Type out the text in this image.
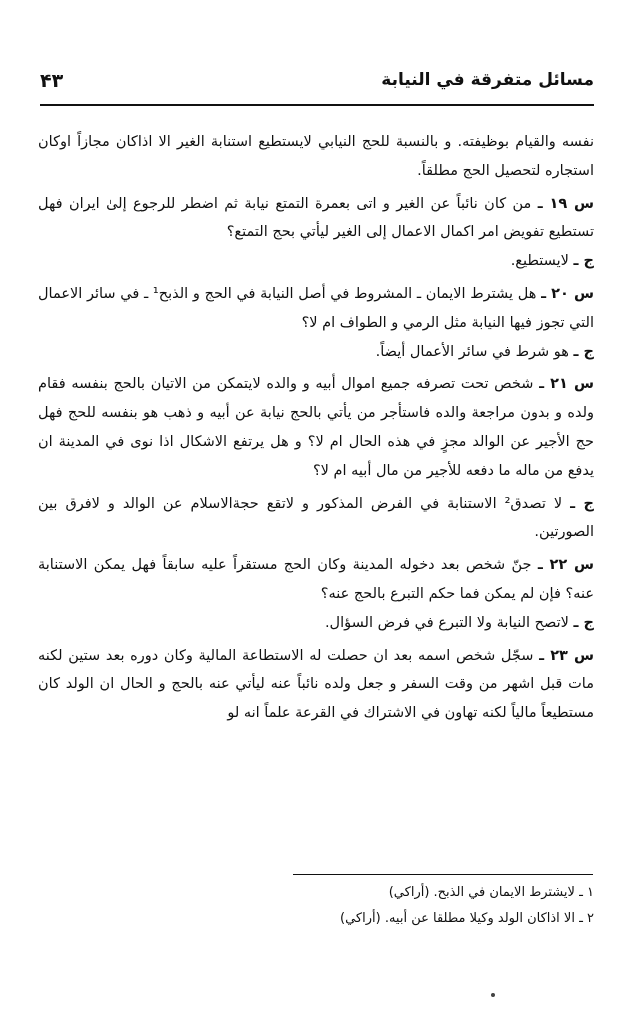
مسائل متفرقة في النيابة
۴۳

نفسه والقيام بوظيفته. و بالنسبة للحج النيابي لايستطيع استنابة الغير الا اذاكان مجازاً اوكان استجاره لتحصيل الحج مطلقاً.

س ١٩ ـ من كان نائباً عن الغير و اتى بعمرة التمتع نيابة ثم اضطر للرجوع إلىٰ ايران فهل تستطيع تفويض امر اكمال الاعمال إلى الغير ليأتي بحج التمتع؟

ج ـ لايستطيع.

س ٢٠ ـ هل يشترط الايمان ـ المشروط في أصل النيابة في الحج و الذبح¹ ـ في سائر الاعمال التي تجوز فيها النيابة مثل الرمي و الطواف ام لا؟

ج ـ هو شرط في سائر الأعمال أيضاً.

س ٢١ ـ شخص تحت تصرفه جميع اموال أبيه و والده لايتمكن من الاتيان بالحج بنفسه فقام ولده و بدون مراجعة والده فاستأجر من يأتي بالحج نيابة عن أبيه و ذهب هو بنفسه للحج فهل حج الأجير عن الوالد مجزٍ في هذه الحال ام لا؟ و هل يرتفع الاشكال اذا نوى في المدينة ان يدفع من ماله ما دفعه للأجير من مال أبيه ام لا؟

ج ـ لا تصدق² الاستنابة في الفرض المذكور و لاتقع حجةالاسلام عن الوالد و لافرق بين الصورتين.

س ٢٢ ـ جنّ شخص بعد دخوله المدينة وكان الحج مستقراً عليه سابقاً فهل يمكن الاستنابة عنه؟ فإن لم يمكن فما حكم التبرع بالحج عنه؟

ج ـ لاتصح النيابة ولا التبرع في فرض السؤال.

س ٢٣ ـ سجّل شخص اسمه بعد ان حصلت له الاستطاعة المالية وكان دوره بعد ستين لكنه مات قبل اشهر من وقت السفر و جعل ولده نائباً عنه ليأتي عنه بالحج و الحال ان الولد كان مستطيعاً مالياً لكنه تهاون في الاشتراك في القرعة علماً انه لو

١ ـ لايشترط الايمان في الذبح. (أراكي)
٢ ـ الا اذاكان الولد وكيلا مطلقا عن أبيه. (أراكي)
